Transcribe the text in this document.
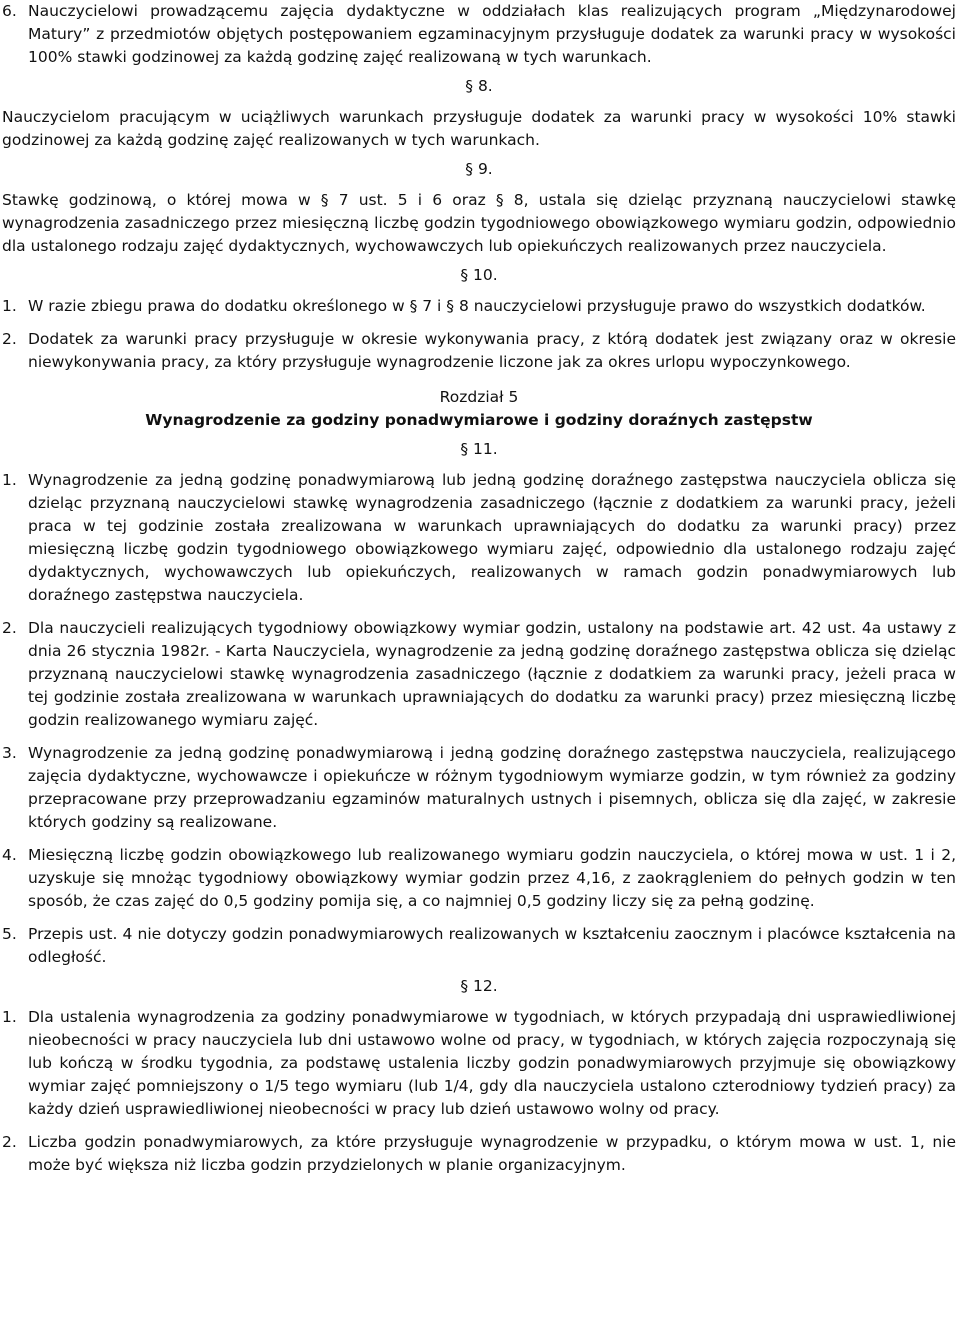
6. Nauczycielowi prowadzącemu zajęcia dydaktyczne w oddziałach klas realizujących program „Międzynarodowej Matury” z przedmiotów objętych postępowaniem egzaminacyjnym przysługuje dodatek za warunki pracy w wysokości 100% stawki godzinowej za każdą godzinę zajęć realizowaną w tych warunkach.
§ 8.

Nauczycielom pracującym w uciążliwych warunkach przysługuje dodatek za warunki pracy w wysokości 10% stawki godzinowej za każdą godzinę zajęć realizowanych w tych warunkach.

§ 9.

Stawkę godzinową, o której mowa w § 7 ust. 5 i 6 oraz § 8, ustala się dzieląc przyznaną nauczycielowi stawkę wynagrodzenia zasadniczego przez miesięczną liczbę godzin tygodniowego obowiązkowego wymiaru godzin, odpowiednio dla ustalonego rodzaju zajęć dydaktycznych, wychowawczych lub opiekuńczych realizowanych przez nauczyciela.

§ 10.
1. W razie zbiegu prawa do dodatku określonego w § 7 i § 8 nauczycielowi przysługuje prawo do wszystkich dodatków.
2. Dodatek za warunki pracy przysługuje w okresie wykonywania pracy, z którą dodatek jest związany oraz w okresie niewykonywania pracy, za który przysługuje wynagrodzenie liczone jak za okres urlopu wypoczynkowego.

Rozdział 5

Wynagrodzenie za godziny ponadwymiarowe i godziny doraźnych zastępstw

§ 11.
1. Wynagrodzenie za jedną godzinę ponadwymiarową lub jedną godzinę doraźnego zastępstwa nauczyciela oblicza się dzieląc przyznaną nauczycielowi stawkę wynagrodzenia zasadniczego (łącznie z dodatkiem za warunki pracy, jeżeli praca w tej godzinie została zrealizowana w warunkach uprawniających do dodatku za warunki pracy) przez miesięczną liczbę godzin tygodniowego obowiązkowego wymiaru zajęć, odpowiednio dla ustalonego rodzaju zajęć dydaktycznych, wychowawczych lub opiekuńczych, realizowanych w ramach godzin ponadwymiarowych lub doraźnego zastępstwa nauczyciela.
2. Dla nauczycieli realizujących tygodniowy obowiązkowy wymiar godzin, ustalony na podstawie art. 42 ust. 4a ustawy z dnia 26 stycznia 1982r. - Karta Nauczyciela, wynagrodzenie za jedną godzinę doraźnego zastępstwa oblicza się dzieląc przyznaną nauczycielowi stawkę wynagrodzenia zasadniczego (łącznie z dodatkiem za warunki pracy, jeżeli praca w tej godzinie została zrealizowana w warunkach uprawniających do dodatku za warunki pracy) przez miesięczną liczbę godzin realizowanego wymiaru zajęć.
3. Wynagrodzenie za jedną godzinę ponadwymiarową i jedną godzinę doraźnego zastępstwa nauczyciela, realizującego zajęcia dydaktyczne, wychowawcze i opiekuńcze w różnym tygodniowym wymiarze godzin, w tym również za godziny przepracowane przy przeprowadzaniu egzaminów maturalnych ustnych i pisemnych, oblicza się dla zajęć, w zakresie których godziny są realizowane.
4. Miesięczną liczbę godzin obowiązkowego lub realizowanego wymiaru godzin nauczyciela, o której mowa w ust. 1 i 2, uzyskuje się mnożąc tygodniowy obowiązkowy wymiar godzin przez 4,16, z zaokrągleniem do pełnych godzin w ten sposób, że czas zajęć do 0,5 godziny pomija się, a co najmniej 0,5 godziny liczy się za pełną godzinę.
5. Przepis ust. 4 nie dotyczy godzin ponadwymiarowych realizowanych w kształceniu zaocznym i placówce kształcenia na odległość.
§ 12.
1. Dla ustalenia wynagrodzenia za godziny ponadwymiarowe w tygodniach, w których przypadają dni usprawiedliwionej nieobecności w pracy nauczyciela lub dni ustawowo wolne od pracy, w tygodniach, w których zajęcia rozpoczynają się lub kończą w środku tygodnia, za podstawę ustalenia liczby godzin ponadwymiarowych przyjmuje się obowiązkowy wymiar zajęć pomniejszony o 1/5 tego wymiaru (lub 1/4, gdy dla nauczyciela ustalono czterodniowy tydzień pracy) za każdy dzień usprawiedliwionej nieobecności w pracy lub dzień ustawowo wolny od pracy.
2. Liczba godzin ponadwymiarowych, za które przysługuje wynagrodzenie w przypadku, o którym mowa w ust. 1, nie może być większa niż liczba godzin przydzielonych w planie organizacyjnym.
